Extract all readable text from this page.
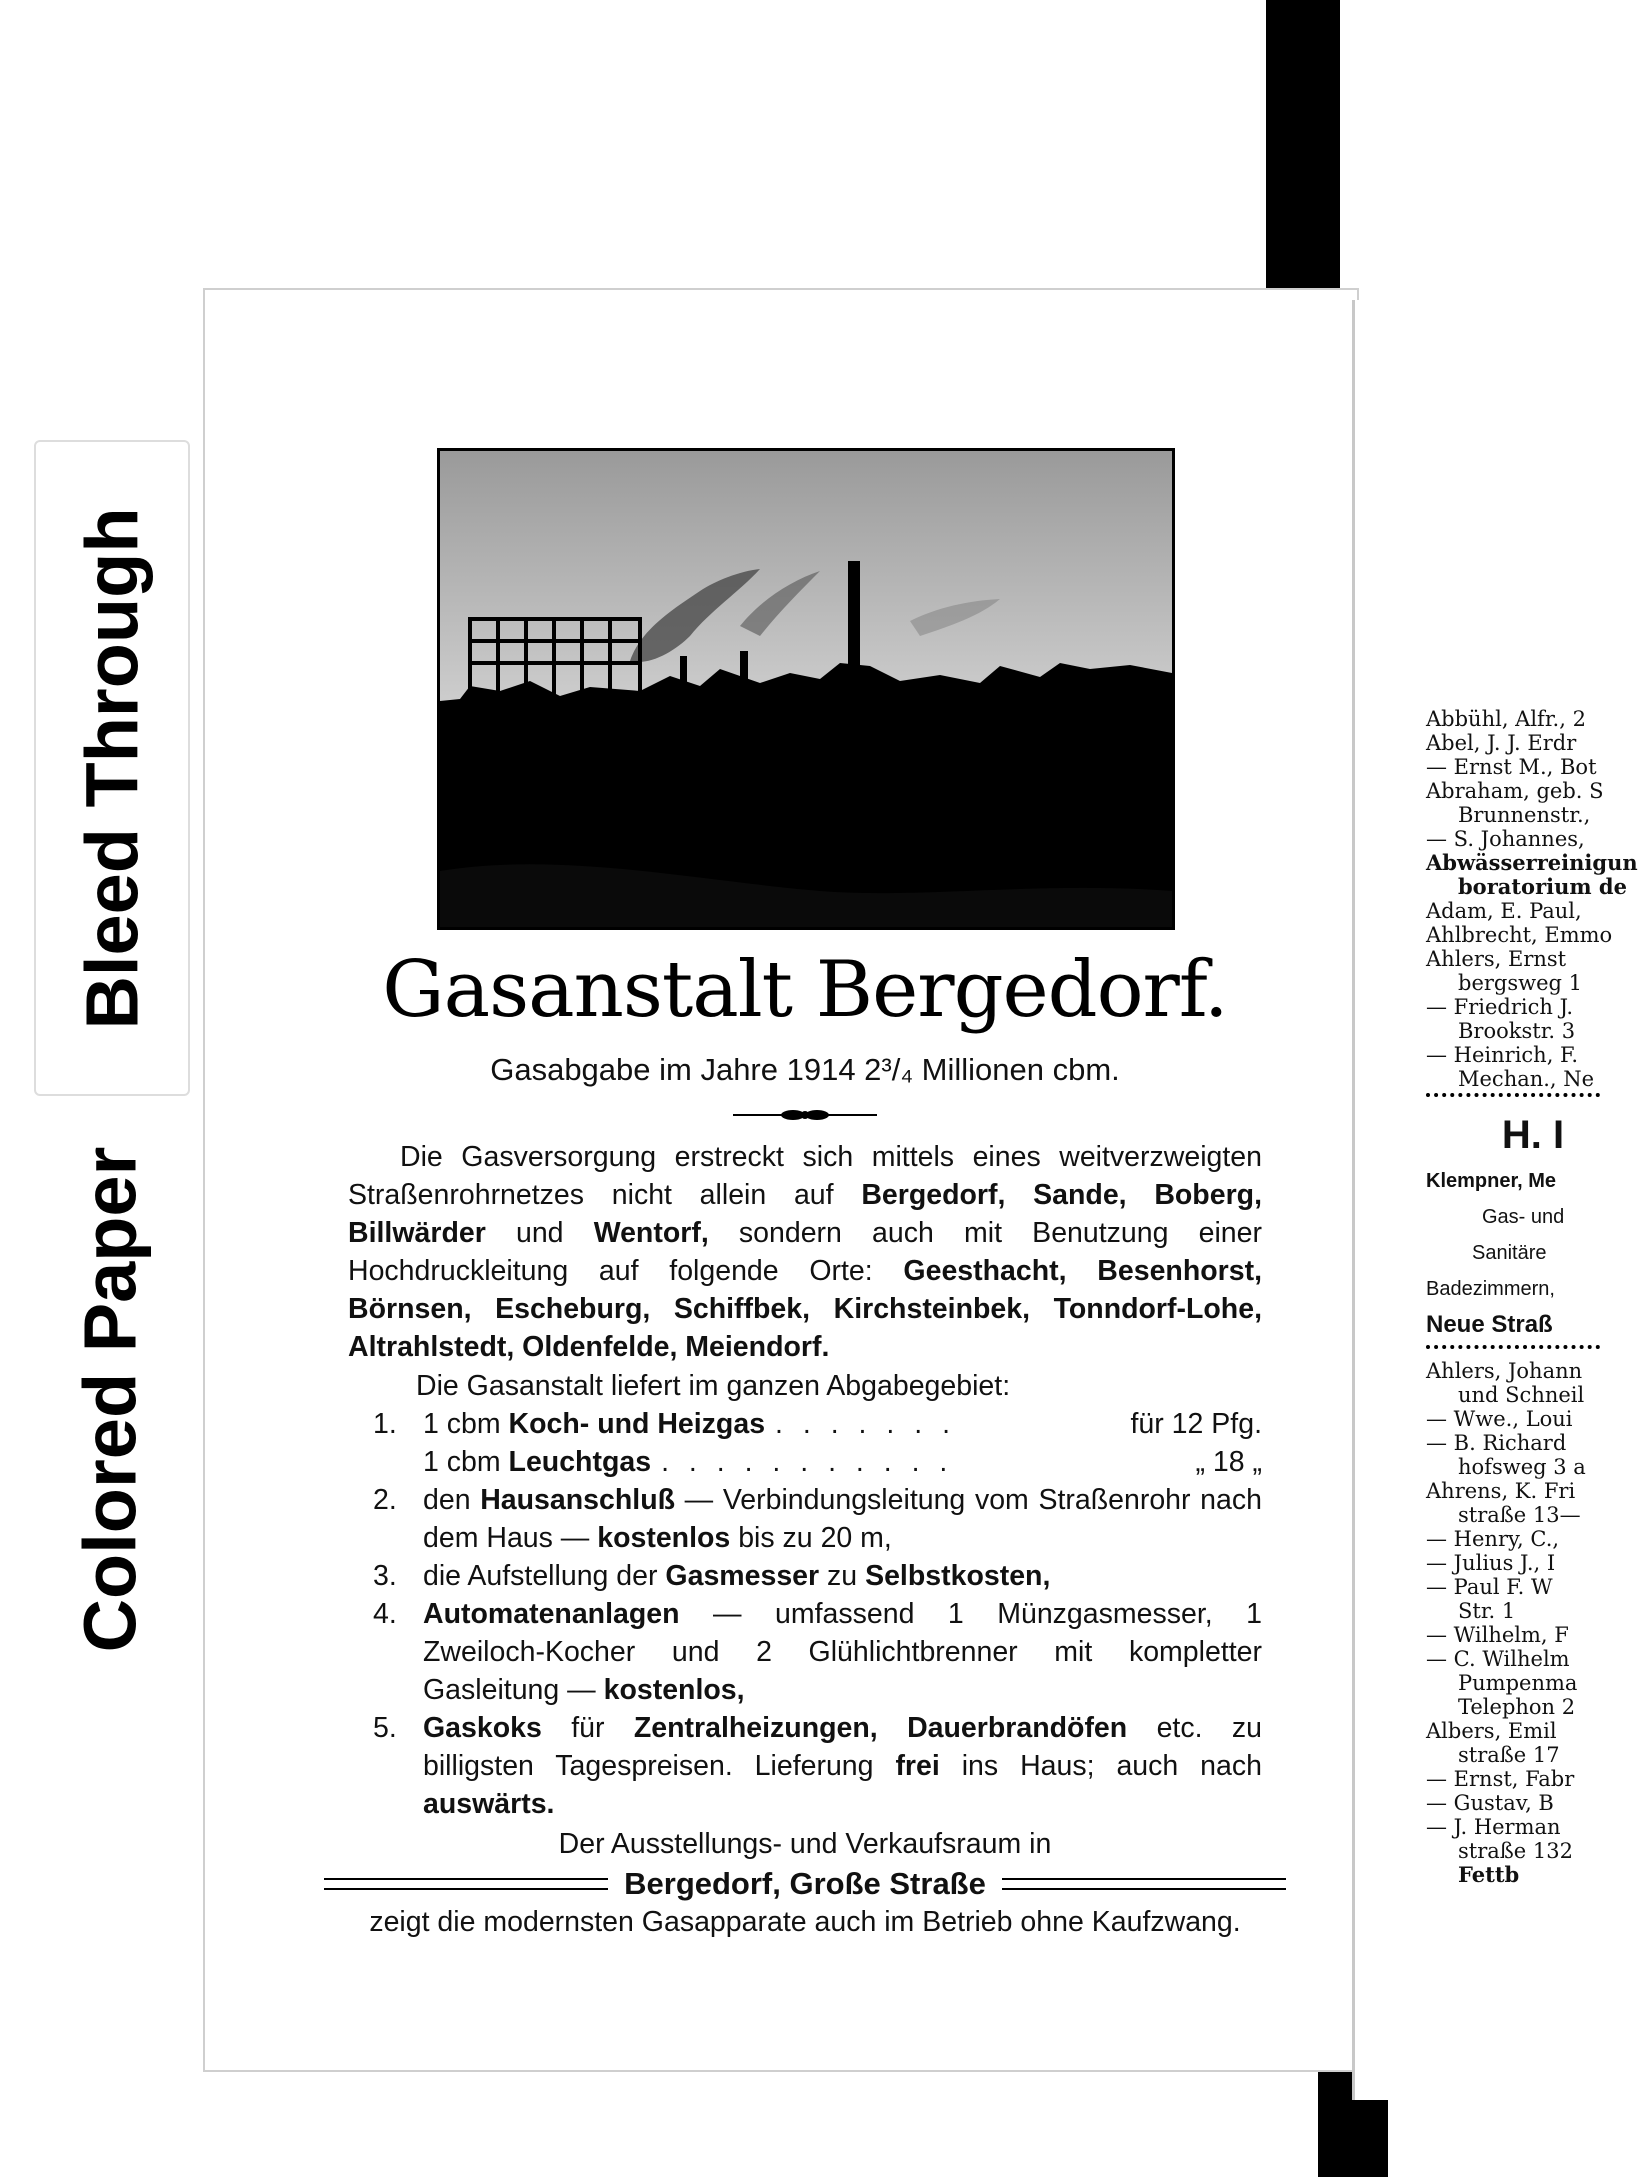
Bleed Through
Colored Paper
Gasanstalt Bergedorf.
Gasabgabe im Jahre 1914 2³/₄ Millionen cbm.
Die Gasversorgung erstreckt sich mittels eines weitverzweigten Straßenrohrnetzes nicht allein auf Bergedorf, Sande, Boberg, Billwärder und Wentorf, sondern auch mit Benutzung einer Hochdruckleitung auf folgende Orte: Geesthacht, Besenhorst, Börnsen, Escheburg, Schiffbek, Kirchsteinbek, Tonndorf-Lohe, Altrahlstedt, Oldenfelde, Meiendorf.
Die Gasanstalt liefert im ganzen Abgabegebiet:
1. 1 cbm Koch- und Heizgas . . . . . . .	für 12 Pfg.
1 cbm Leuchtgas . . . . . . . . . . .	„ 18 „
2. den Hausanschluß — Verbindungsleitung vom Straßenrohr nach dem Haus — kostenlos bis zu 20 m,
3. die Aufstellung der Gasmesser zu Selbstkosten,
4. Automatenanlagen — umfassend 1 Münzgasmesser, 1 Zweiloch-Kocher und 2 Glühlichtbrenner mit kompletter Gasleitung — kostenlos,
5. Gaskoks für Zentralheizungen, Dauerbrandöfen etc. zu billigsten Tagespreisen. Lieferung frei ins Haus; auch nach auswärts.
Der Ausstellungs- und Verkaufsraum in
Bergedorf, Große Straße
zeigt die modernsten Gasapparate auch im Betrieb ohne Kaufzwang.
Abbühl, Alfr., 2
Abel, J. J. Erdr
— Ernst M., Bot
Abraham, geb. S
Brunnenstr.,
— S. Johannes,
Abwässerreinigun
boratorium de
Adam, E. Paul,
Ahlbrecht, Emmo
Ahlers, Ernst
bergsweg 1
— Friedrich J.
Brookstr. 3
— Heinrich, F.
Mechan., Ne
H. I
Klempner, Me
Gas- und
Sanitäre
Badezimmern,
Neue Straß
Ahlers, Johann
und Schneil
— Wwe., Loui
— B. Richard
hofsweg 3 a
Ahrens, K. Fri
straße 13—
— Henry, C.,
— Julius J., I
— Paul F. W
Str. 1
— Wilhelm, F
— C. Wilhelm
Pumpenma
Telephon 2
Albers, Emil
straße 17
— Ernst, Fabr
— Gustav, B
— J. Herman
straße 132
Fettb
